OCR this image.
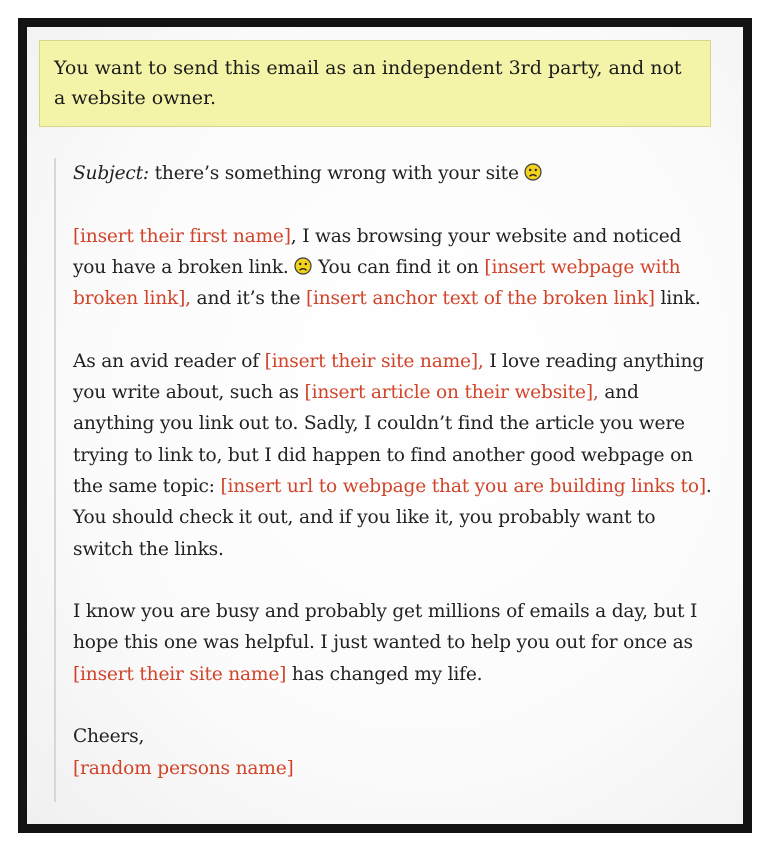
You want to send this email as an independent 3rd party, and not a website owner.

Subject: there’s something wrong with your site

[insert their first name], I was browsing your website and noticed you have a broken link.  You can find it on [insert webpage with broken link], and it’s the [insert anchor text of the broken link] link.

As an avid reader of [insert their site name], I love reading anything you write about, such as [insert article on their website], and anything you link out to. Sadly, I couldn’t find the article you were trying to link to, but I did happen to find another good webpage on the same topic: [insert url to webpage that you are building links to]. You should check it out, and if you like it, you probably want to switch the links.

I know you are busy and probably get millions of emails a day, but I hope this one was helpful. I just wanted to help you out for once as [insert their site name] has changed my life.

Cheers,

[random persons name]
